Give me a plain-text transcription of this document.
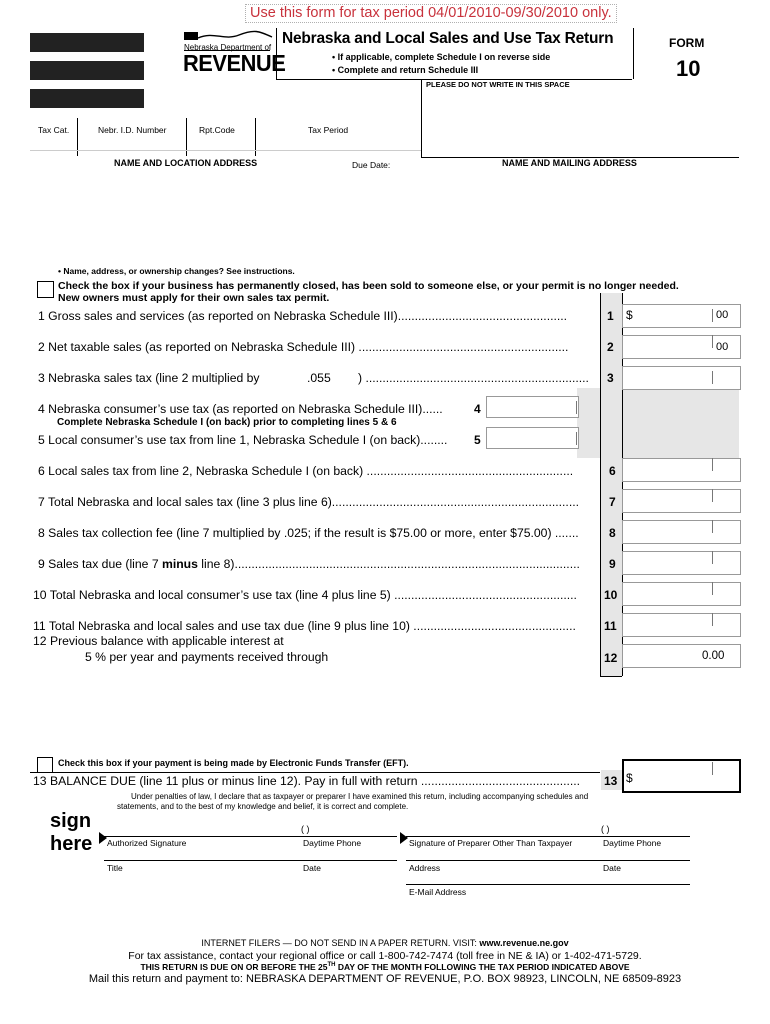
Use this form for tax period 04/01/2010-09/30/2010 only.
Nebraska Department of
REVENUE
Nebraska and Local Sales and Use Tax Return
• If applicable, complete Schedule I on reverse side
• Complete and return Schedule III
FORM
10
PLEASE DO NOT WRITE IN THIS SPACE
Tax Cat.	Nebr. I.D. Number	Rpt.Code	Tax Period
NAME AND LOCATION ADDRESS	Due Date:	NAME AND MAILING ADDRESS
• Name, address, or ownership changes? See instructions.
Check the box if your business has permanently closed, has been sold to someone else, or your permit is no longer needed.
New owners must apply for their own sales tax permit.
1 Gross sales and services (as reported on Nebraska Schedule III)..................................................	1 $	00
2 Net taxable sales (as reported on Nebraska Schedule III) ..............................................................	2	00
3 Nebraska sales tax (line 2 multiplied by	.055 ) .................................................................. 3
4 Nebraska consumer’s use tax (as reported on Nebraska Schedule III)......	4
Complete Nebraska Schedule I (on back) prior to completing lines 5 & 6
5 Local consumer’s use tax from line 1, Nebraska Schedule I (on back)........ 5
6 Local sales tax from line 2, Nebraska Schedule I (on back) .............................................................	6
7 Total Nebraska and local sales tax (line 3 plus line 6).........................................................................	7
8 Sales tax collection fee (line 7 multiplied by .025; if the result is $75.00 or more, enter $75.00) .......	8
9 Sales tax due (line 7 minus line 8)...................................................................................................... 9
10 Total Nebraska and local consumer’s use tax (line 4 plus line 5) ...................................................... 10
11 Total Nebraska and local sales and use tax due (line 9 plus line 10) ................................................ 11
12 Previous balance with applicable interest at
5 % per year and payments received through	12	0.00
Check this box if your payment is being made by Electronic Funds Transfer (EFT).
13 BALANCE DUE (line 11 plus or minus line 12). Pay in full with return ............................................... 13 $
Under penalties of law, I declare that as taxpayer or preparer I have examined this return, including accompanying schedules and
statements, and to the best of my knowledge and belief, it is correct and complete.
sign
here
( )	( )
Authorized Signature	Daytime Phone	Signature of Preparer Other Than Taxpayer	Daytime Phone
Title	Date	Address	Date
E-Mail Address
INTERNET FILERS — DO NOT SEND IN A PAPER RETURN. VISIT: www.revenue.ne.gov
For tax assistance, contact your regional office or call 1-800-742-7474 (toll free in NE & IA) or 1-402-471-5729.
THIS RETURN IS DUE ON OR BEFORE THE 25TH DAY OF THE MONTH FOLLOWING THE TAX PERIOD INDICATED ABOVE
Mail this return and payment to: NEBRASKA DEPARTMENT OF REVENUE, P.O. BOX 98923, LINCOLN, NE 68509-8923
